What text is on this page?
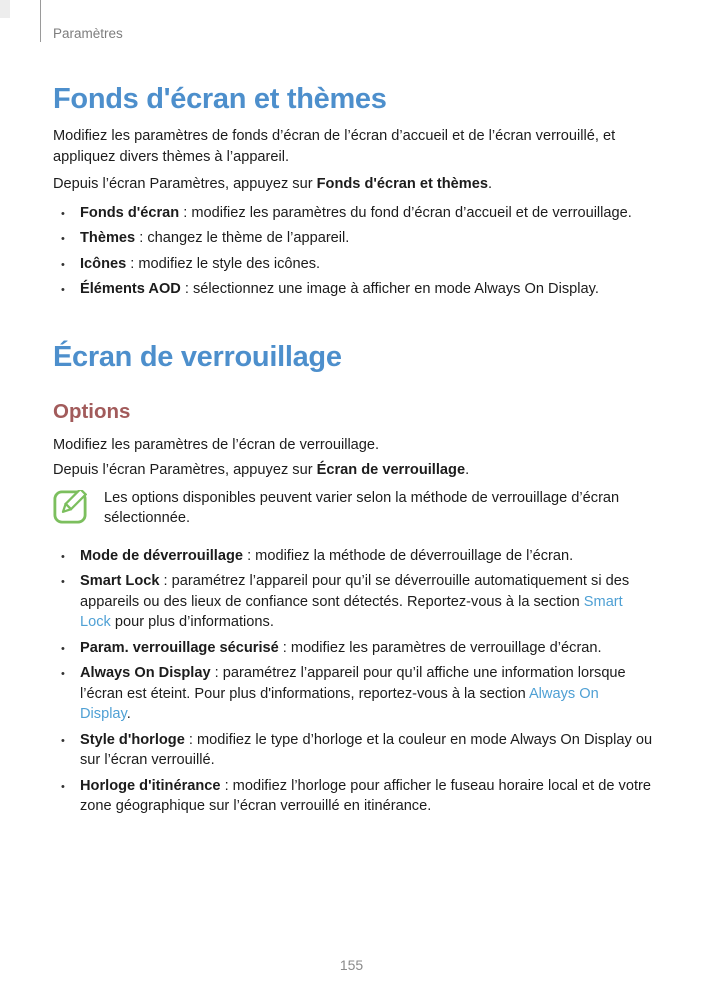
Paramètres
Fonds d'écran et thèmes

Modifiez les paramètres de fonds d’écran de l’écran d’accueil et de l’écran verrouillé, et appliquez divers thèmes à l’appareil.

Depuis l’écran Paramètres, appuyez sur Fonds d'écran et thèmes.

• Fonds d'écran : modifiez les paramètres du fond d’écran d’accueil et de verrouillage.
• Thèmes : changez le thème de l’appareil.
• Icônes : modifiez le style des icônes.
• Éléments AOD : sélectionnez une image à afficher en mode Always On Display.
Écran de verrouillage
Options

Modifiez les paramètres de l’écran de verrouillage.

Depuis l’écran Paramètres, appuyez sur Écran de verrouillage.

Les options disponibles peuvent varier selon la méthode de verrouillage d’écran sélectionnée.
• Mode de déverrouillage : modifiez la méthode de déverrouillage de l’écran.
• Smart Lock : paramétrez l’appareil pour qu’il se déverrouille automatiquement si des appareils ou des lieux de confiance sont détectés. Reportez-vous à la section Smart Lock pour plus d’informations.
• Param. verrouillage sécurisé : modifiez les paramètres de verrouillage d’écran.
• Always On Display : paramétrez l’appareil pour qu’il affiche une information lorsque l’écran est éteint. Pour plus d'informations, reportez-vous à la section Always On Display.
• Style d'horloge : modifiez le type d’horloge et la couleur en mode Always On Display ou sur l’écran verrouillé.
• Horloge d'itinérance : modifiez l’horloge pour afficher le fuseau horaire local et de votre zone géographique sur l’écran verrouillé en itinérance.
155
